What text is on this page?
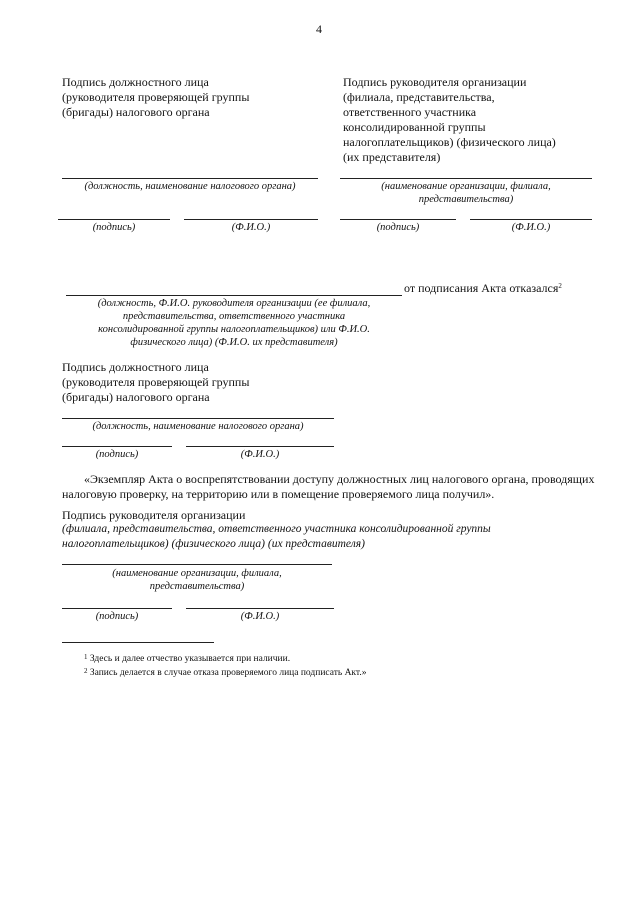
4
Подпись должностного лица
(руководителя проверяющей группы
(бригады) налогового органа
(должность, наименование налогового органа)
(подпись)	(Ф.И.О.)
Подпись руководителя организации
(филиала, представительства,
ответственного участника
консолидированной группы
налогоплательщиков) (физического лица)
(их представителя)
(наименование организации, филиала,
представительства)
(подпись)	(Ф.И.О.)
от подписания Акта отказался$^2$
(должность, Ф.И.О. руководителя организации (ее филиала,
представительства, ответственного участника
консолидированной группы налогоплательщиков) или Ф.И.О.
физического лица) (Ф.И.О. их представителя)
Подпись должностного лица
(руководителя проверяющей группы
(бригады) налогового органа
(должность, наименование налогового органа)
(подпись)	(Ф.И.О.)
«Экземпляр Акта о воспрепятствовании доступу должностных лиц налогового органа, проводящих
налоговую проверку, на территорию или в помещение проверяемого лица получил».
Подпись руководителя организации
(филиала, представительства, ответственного участника консолидированной группы
налогоплательщиков) (физического лица) (их представителя)
(наименование организации, филиала,
представительства)
(подпись)	(Ф.И.О.)
$^1$ Здесь и далее отчество указывается при наличии.
$^2$ Запись делается в случае отказа проверяемого лица подписать Акт.»
